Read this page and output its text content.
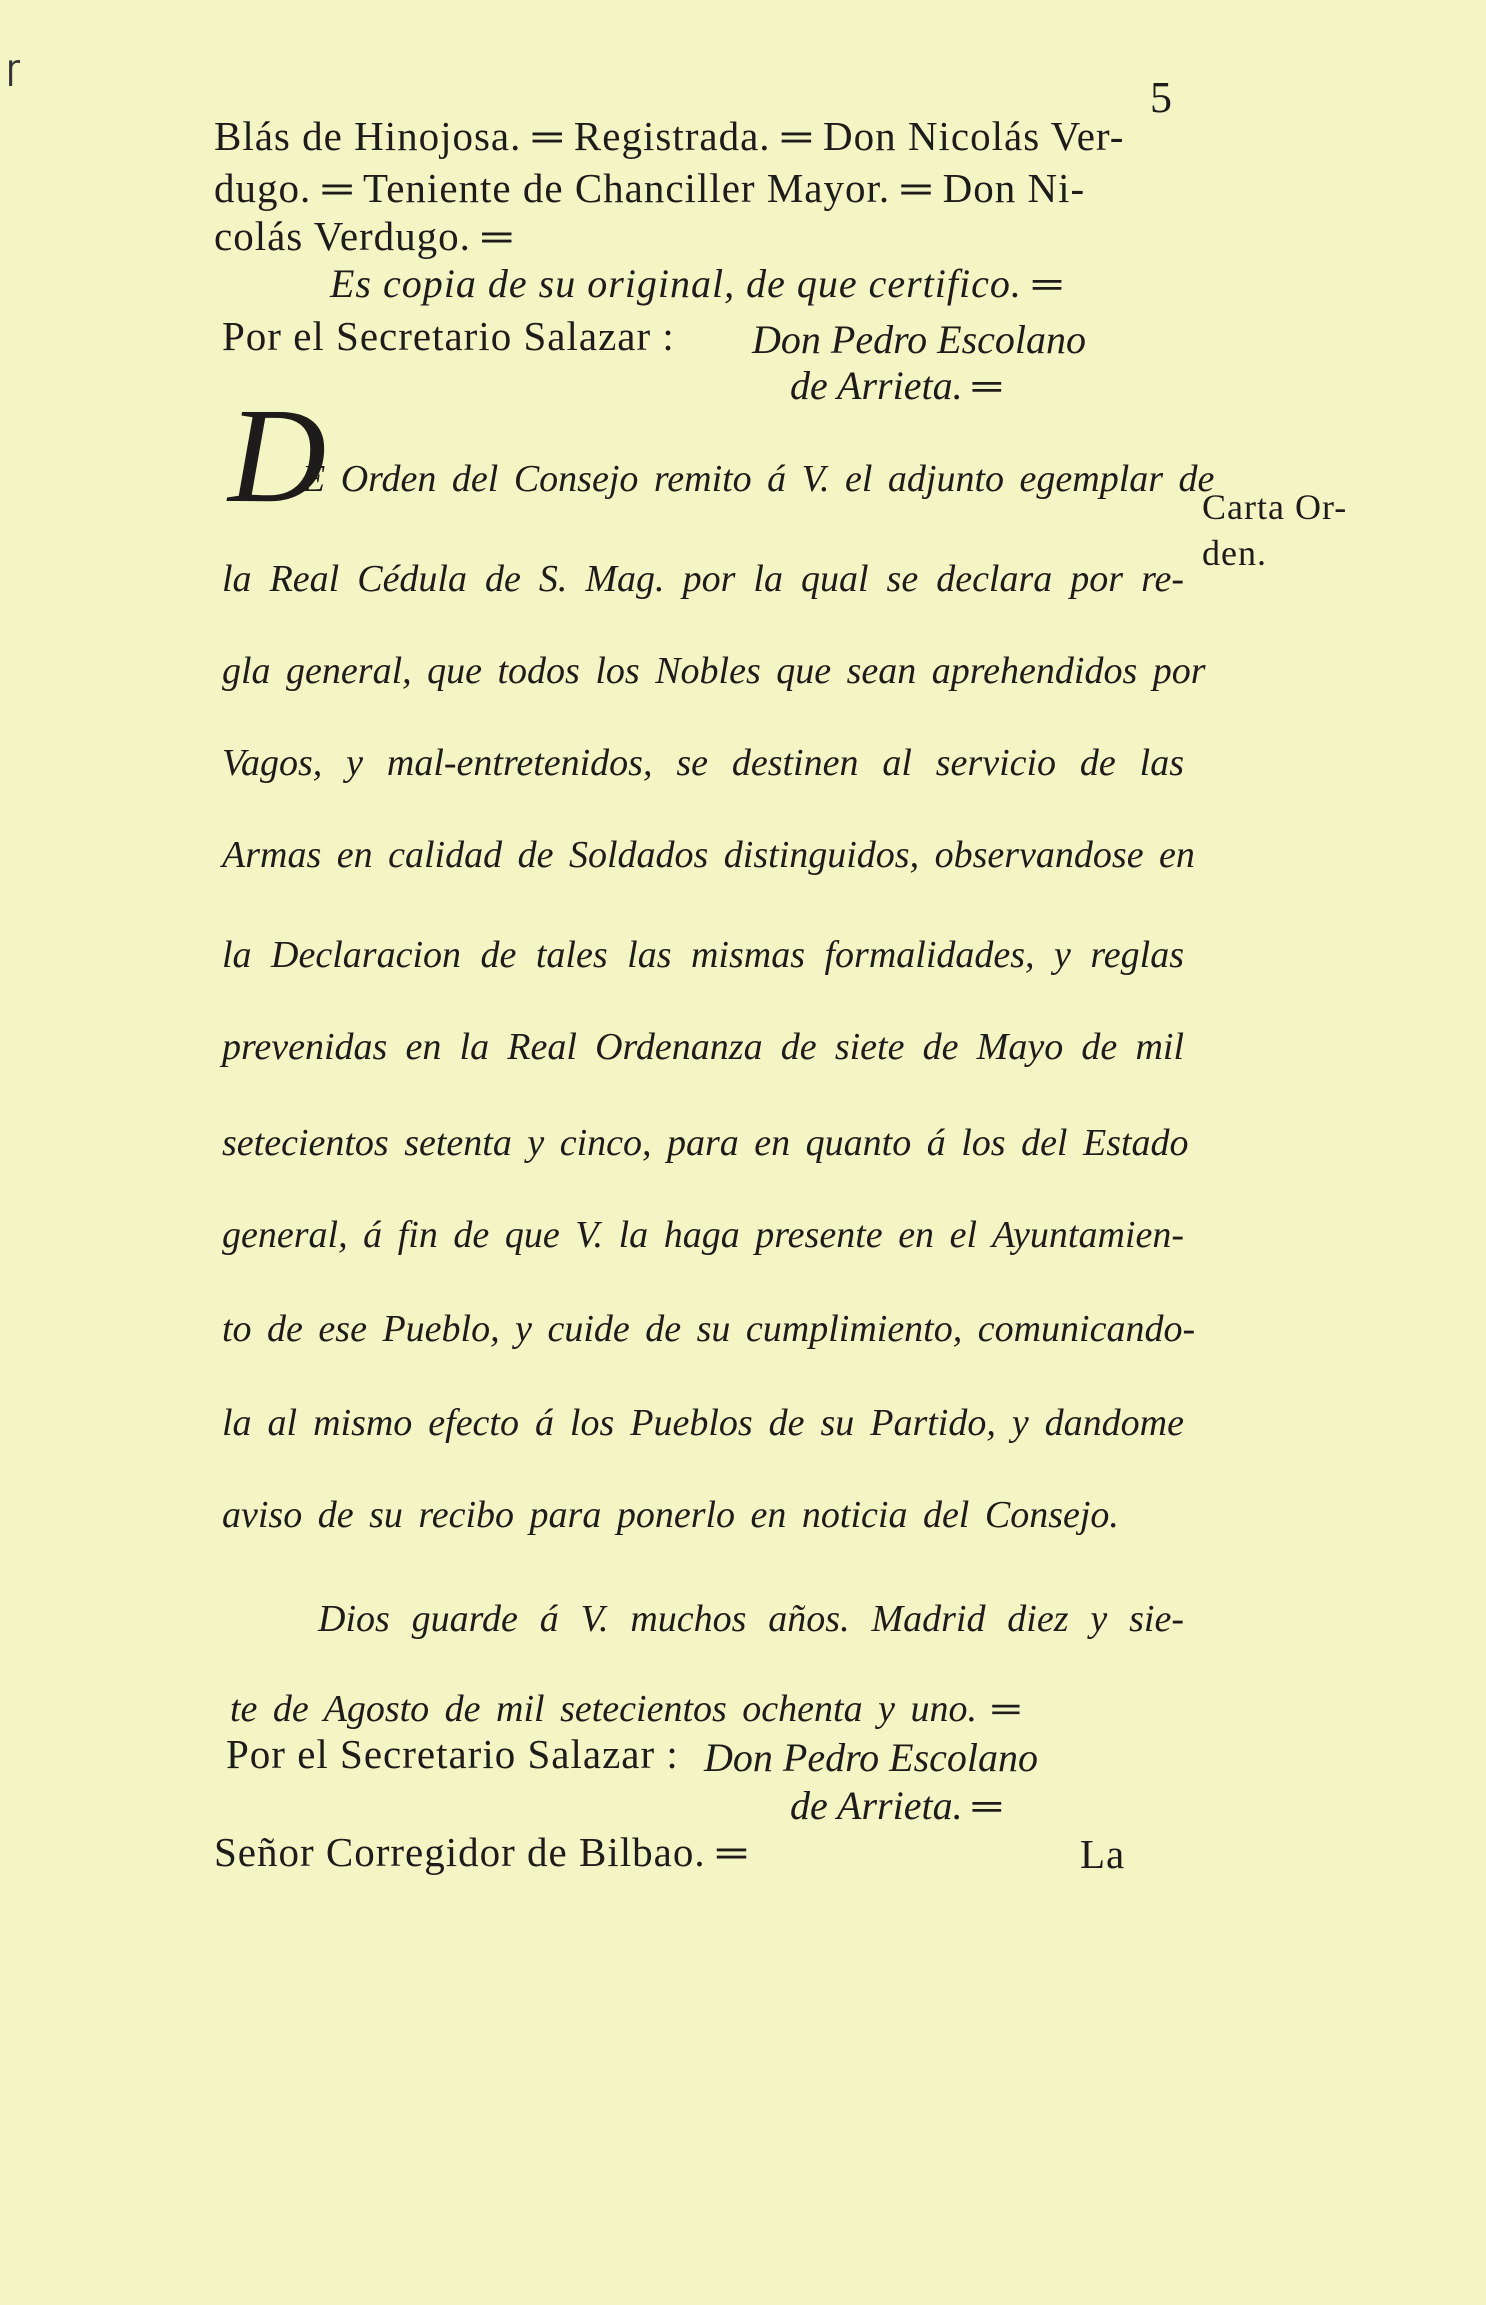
ɼ
5
Blás de Hinojosa. ═ Registrada. ═ Don Nicolás Ver-
dugo. ═ Teniente de Chanciller Mayor. ═ Don Ni-
colás Verdugo. ═
Es copia de su original, de que certifico. ═
Por el Secretario Salazar : Don Pedro Escolano
de Arrieta. ═
D	Carta Or-
den.
E Orden del Consejo remito á V. el adjunto egemplar de
la Real Cédula de S. Mag. por la qual se declara por re-
gla general, que todos los Nobles que sean aprehendidos por
Vagos, y mal-entretenidos, se destinen al servicio de las
Armas en calidad de Soldados distinguidos, observandose en
la Declaracion de tales las mismas formalidades, y reglas
prevenidas en la Real Ordenanza de siete de Mayo de mil
setecientos setenta y cinco, para en quanto á los del Estado
general, á fin de que V. la haga presente en el Ayuntamien-
to de ese Pueblo, y cuide de su cumplimiento, comunicando-
la al mismo efecto á los Pueblos de su Partido, y dandome
aviso de su recibo para ponerlo en noticia del Consejo.
Dios guarde á V. muchos años. Madrid diez y sie-
te de Agosto de mil setecientos ochenta y uno. ═
Por el Secretario Salazar : Don Pedro Escolano
de Arrieta. ═
Señor Corregidor de Bilbao. ═	La
